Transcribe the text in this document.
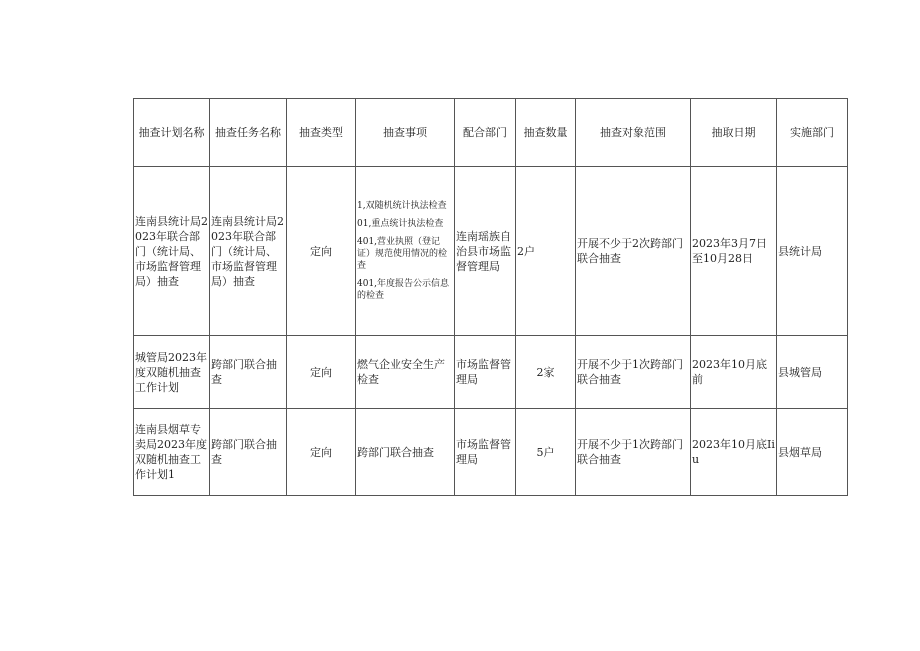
抽查计划名称	抽查任务名称	抽查类型	抽查事项	配合部门	抽查数量	抽查对象范围	抽取日期	实施部门
连南县统计局2023年联合部门（统计局、市场监督管理局）抽查	连南县统计局2023年联合部门（统计局、市场监督管理局）抽查	定向	1,双随机统计执法检查

01,重点统计执法检查

401,营业执照（登记证）规范使用情况的检查

401,年度报告公示信息的检查	连南瑶族自治县市场监督管理局	2户	开展不少于2次跨部门联合抽查	2023年3月7日至10月28日	县统计局
城管局2023年度双随机抽查工作计划	跨部门联合抽查	定向	燃气企业安全生产检查	市场监督管理局	2家	开展不少于1次跨部门联合抽查	2023年10月底前	县城管局
连南县烟草专卖局2023年度双随机抽查工作计划1	跨部门联合抽查	定向	跨部门联合抽查	市场监督管理局	5户	开展不少于1次跨部门联合抽查	2023年10月底Iiu	县烟草局
